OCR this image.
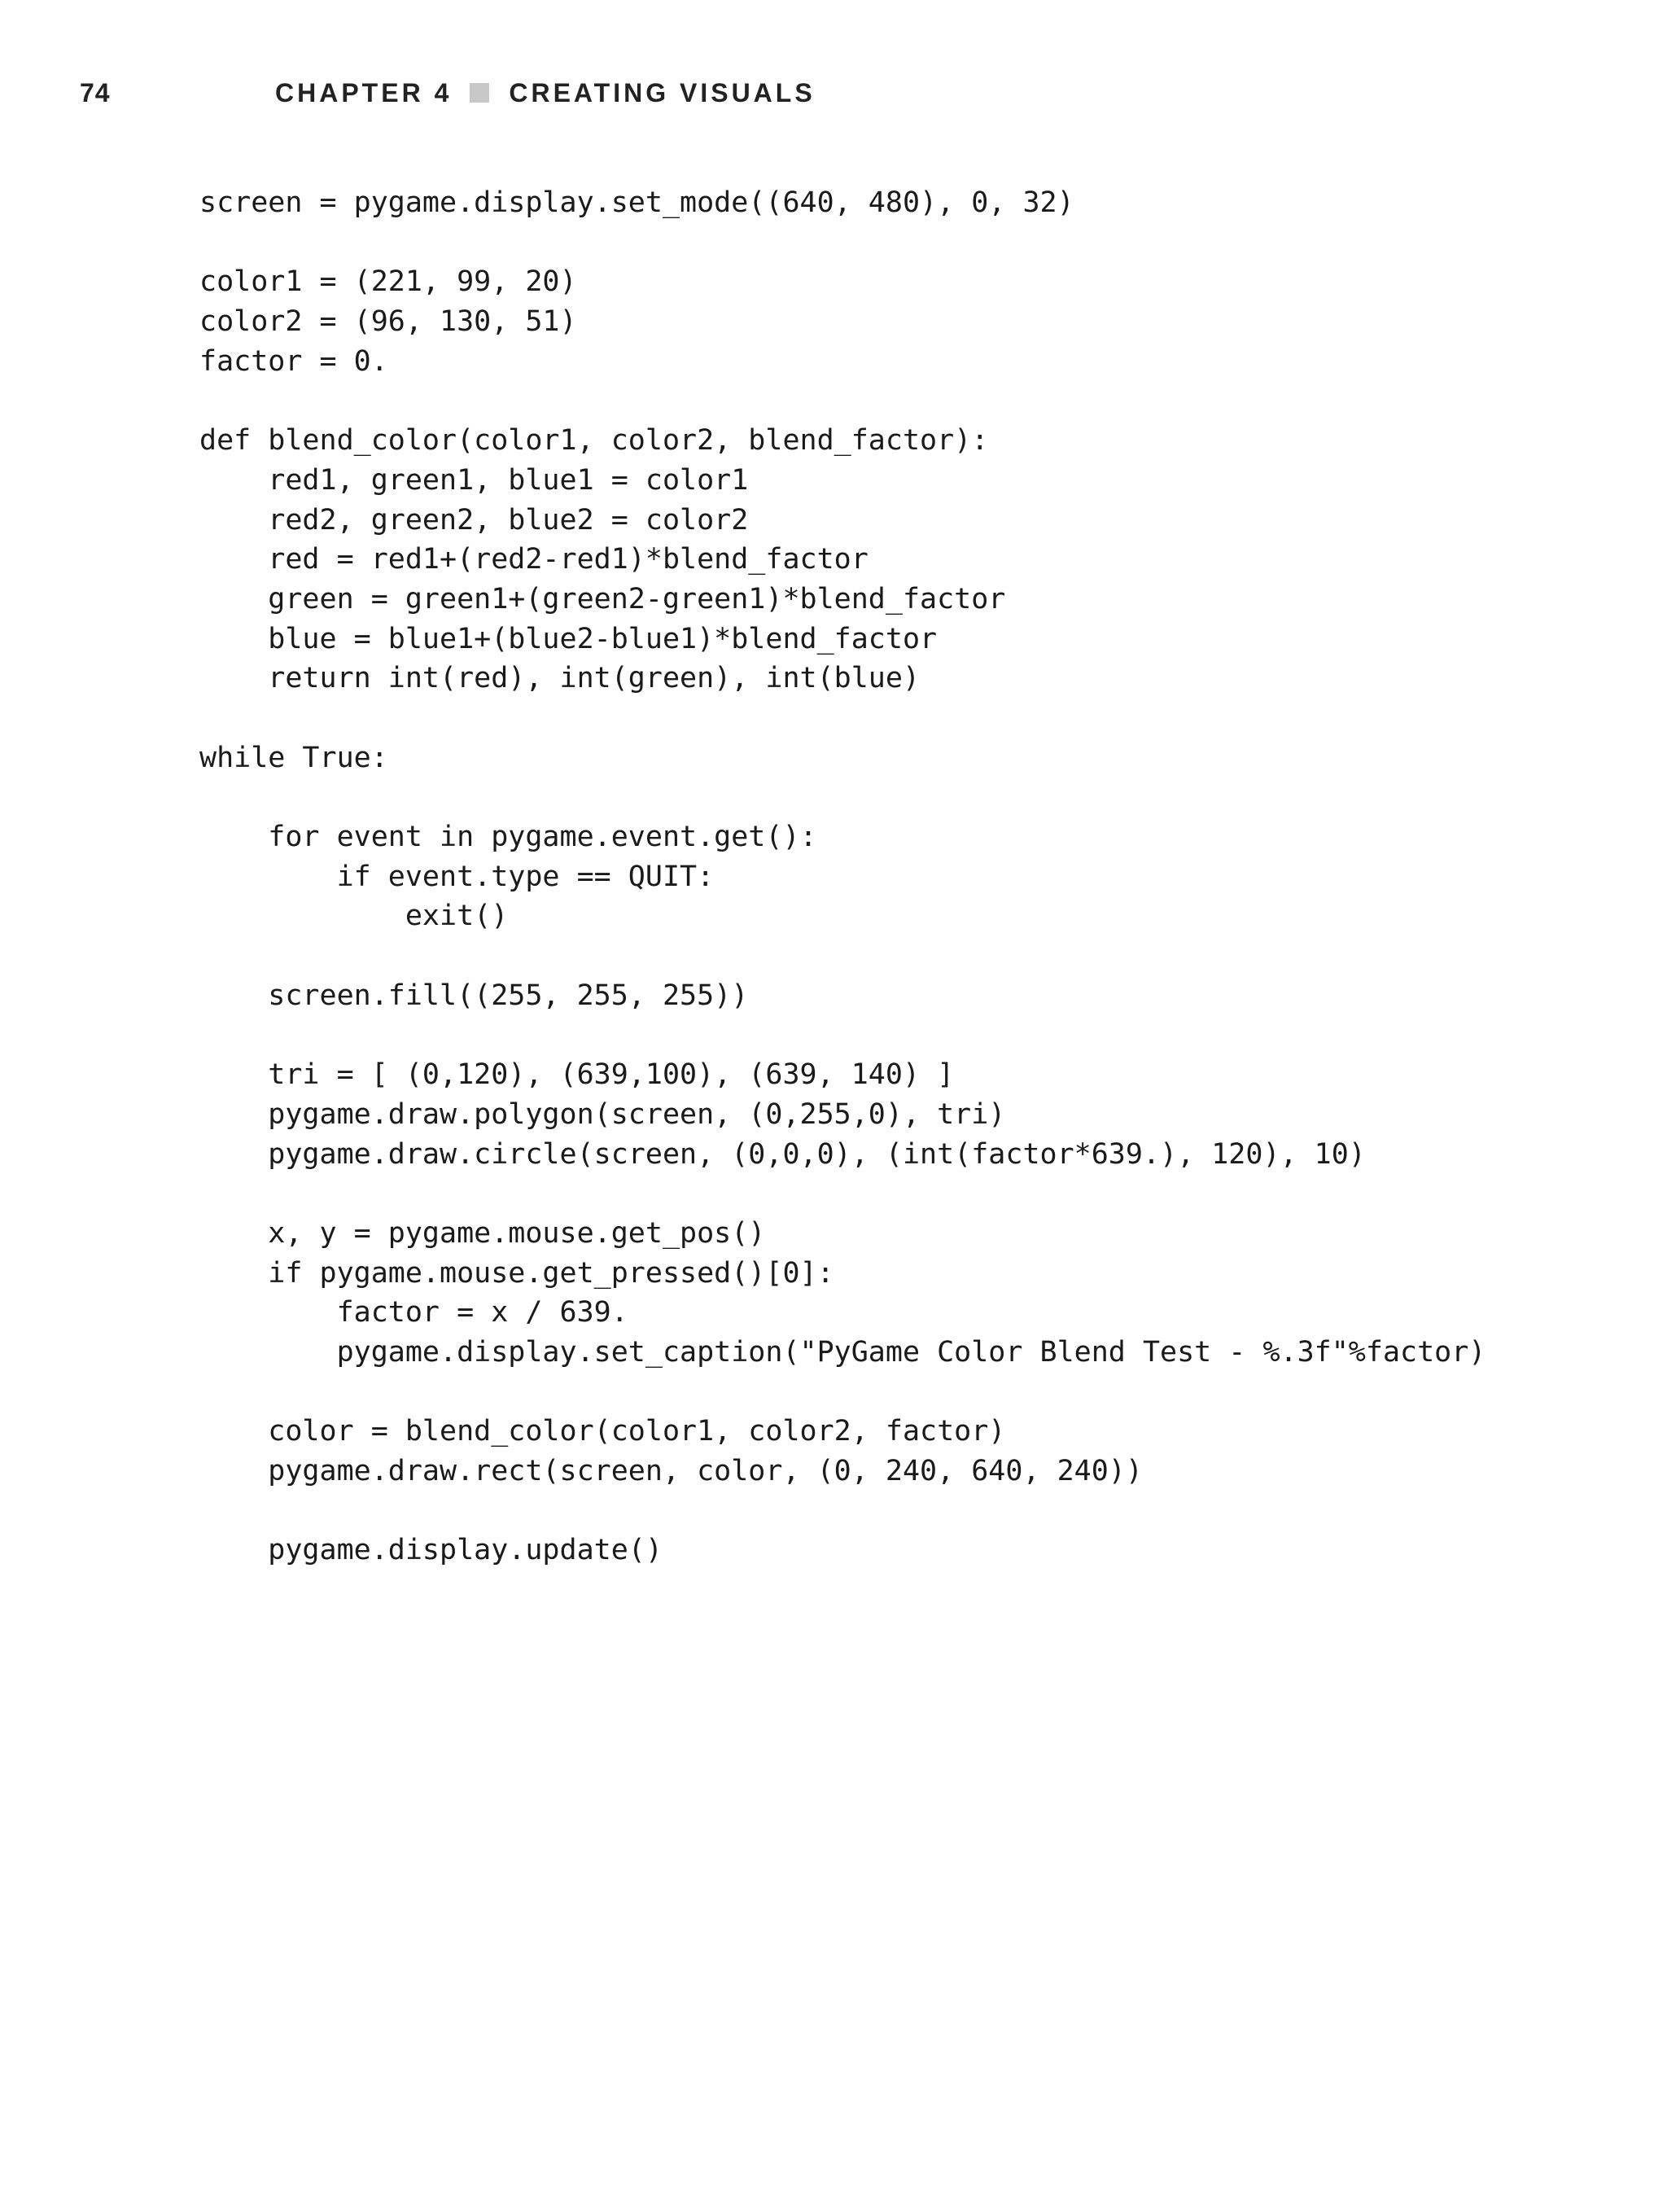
74	CHAPTER 4 CREATING VISUALS
screen = pygame.display.set_mode((640, 480), 0, 32)
color1 = (221, 99, 20)
color2 = (96, 130, 51)
factor = 0.
def blend_color(color1, color2, blend_factor):
red1, green1, blue1 = color1
red2, green2, blue2 = color2
red = red1+(red2-red1)*blend_factor
green = green1+(green2-green1)*blend_factor
blue = blue1+(blue2-blue1)*blend_factor
return int(red), int(green), int(blue)
while True:
for event in pygame.event.get():
if event.type == QUIT:
exit()
screen.fill((255, 255, 255))
tri = [ (0,120), (639,100), (639, 140) ]
pygame.draw.polygon(screen, (0,255,0), tri)
pygame.draw.circle(screen, (0,0,0), (int(factor*639.), 120), 10)
x, y = pygame.mouse.get_pos()
if pygame.mouse.get_pressed()[0]:
factor = x / 639.
pygame.display.set_caption("PyGame Color Blend Test - %.3f"%factor)
color = blend_color(color1, color2, factor)
pygame.draw.rect(screen, color, (0, 240, 640, 240))
pygame.display.update()
